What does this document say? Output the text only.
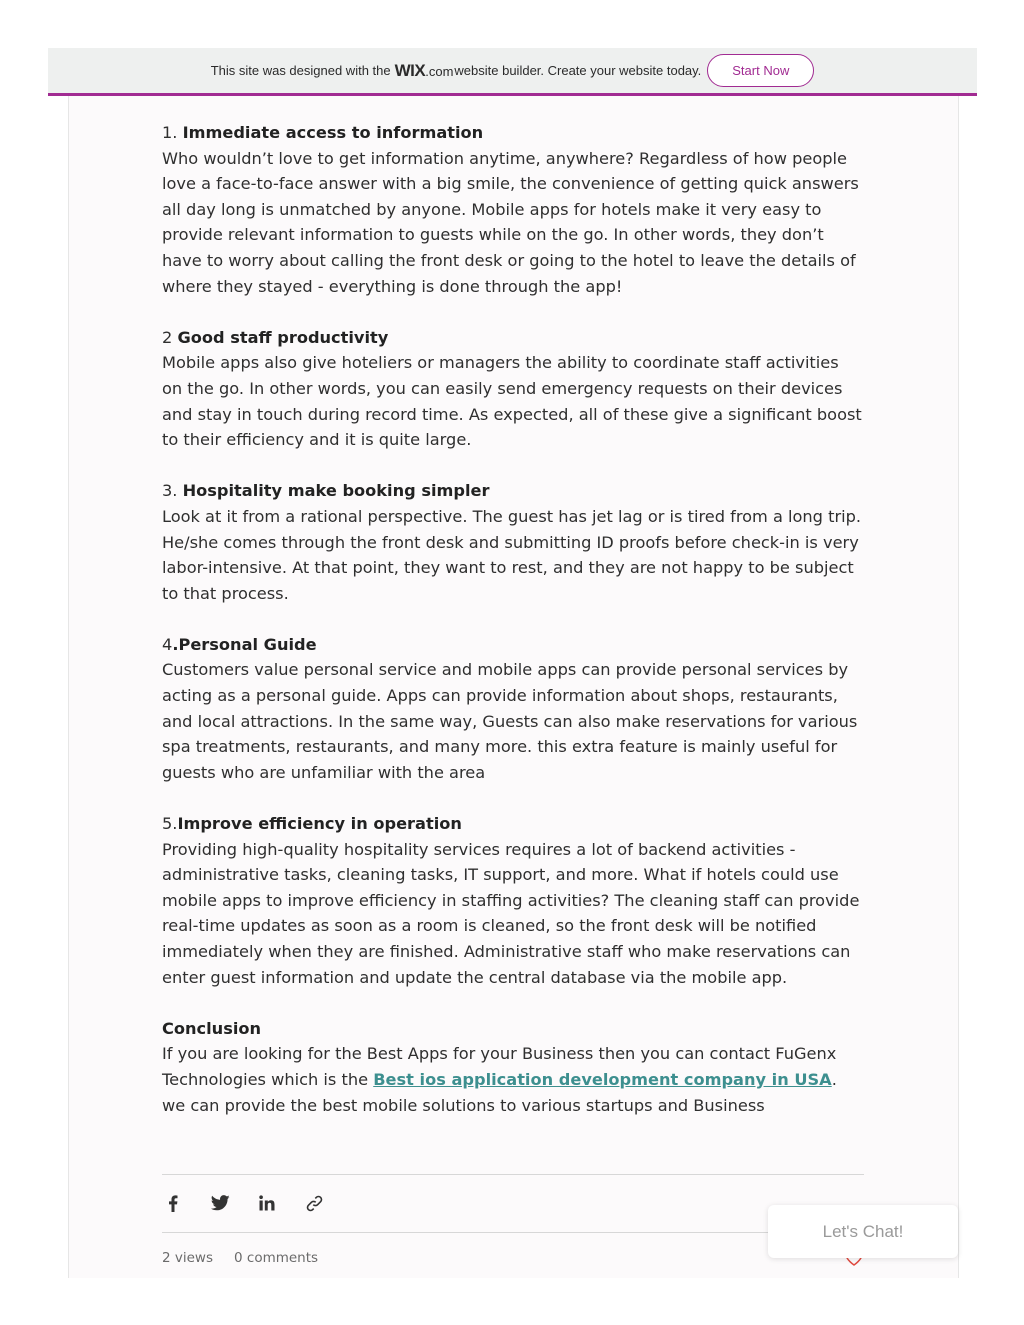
This site was designed with the WIX.com website builder. Create your website today.	Start Now

1. Immediate access to information
Who wouldn’t love to get information anytime, anywhere? Regardless of how people love a face-to-face answer with a big smile, the convenience of getting quick answers all day long is unmatched by anyone. Mobile apps for hotels make it very easy to provide relevant information to guests while on the go. In other words, they don’t have to worry about calling the front desk or going to the hotel to leave the details of where they stayed - everything is done through the app!

2 Good staff productivity
Mobile apps also give hoteliers or managers the ability to coordinate staff activities on the go. In other words, you can easily send emergency requests on their devices and stay in touch during record time. As expected, all of these give a significant boost to their efficiency and it is quite large.

3. Hospitality make booking simpler
Look at it from a rational perspective. The guest has jet lag or is tired from a long trip. He/she comes through the front desk and submitting ID proofs before check-in is very labor-intensive. At that point, they want to rest, and they are not happy to be subject to that process.

4.Personal Guide
Customers value personal service and mobile apps can provide personal services by acting as a personal guide. Apps can provide information about shops, restaurants, and local attractions. In the same way, Guests can also make reservations for various spa treatments, restaurants, and many more. this extra feature is mainly useful for guests who are unfamiliar with the area

5.Improve efficiency in operation
Providing high-quality hospitality services requires a lot of backend activities - administrative tasks, cleaning tasks, IT support, and more. What if hotels could use mobile apps to improve efficiency in staffing activities? The cleaning staff can provide real-time updates as soon as a room is cleaned, so the front desk will be notified immediately when they are finished. Administrative staff who make reservations can enter guest information and update the central database via the mobile app.

Conclusion
If you are looking for the Best Apps for your Business then you can contact FuGenx Technologies which is the Best ios application development company in USA. we can provide the best mobile solutions to various startups and Business

2 views 0 comments
Let's Chat!
